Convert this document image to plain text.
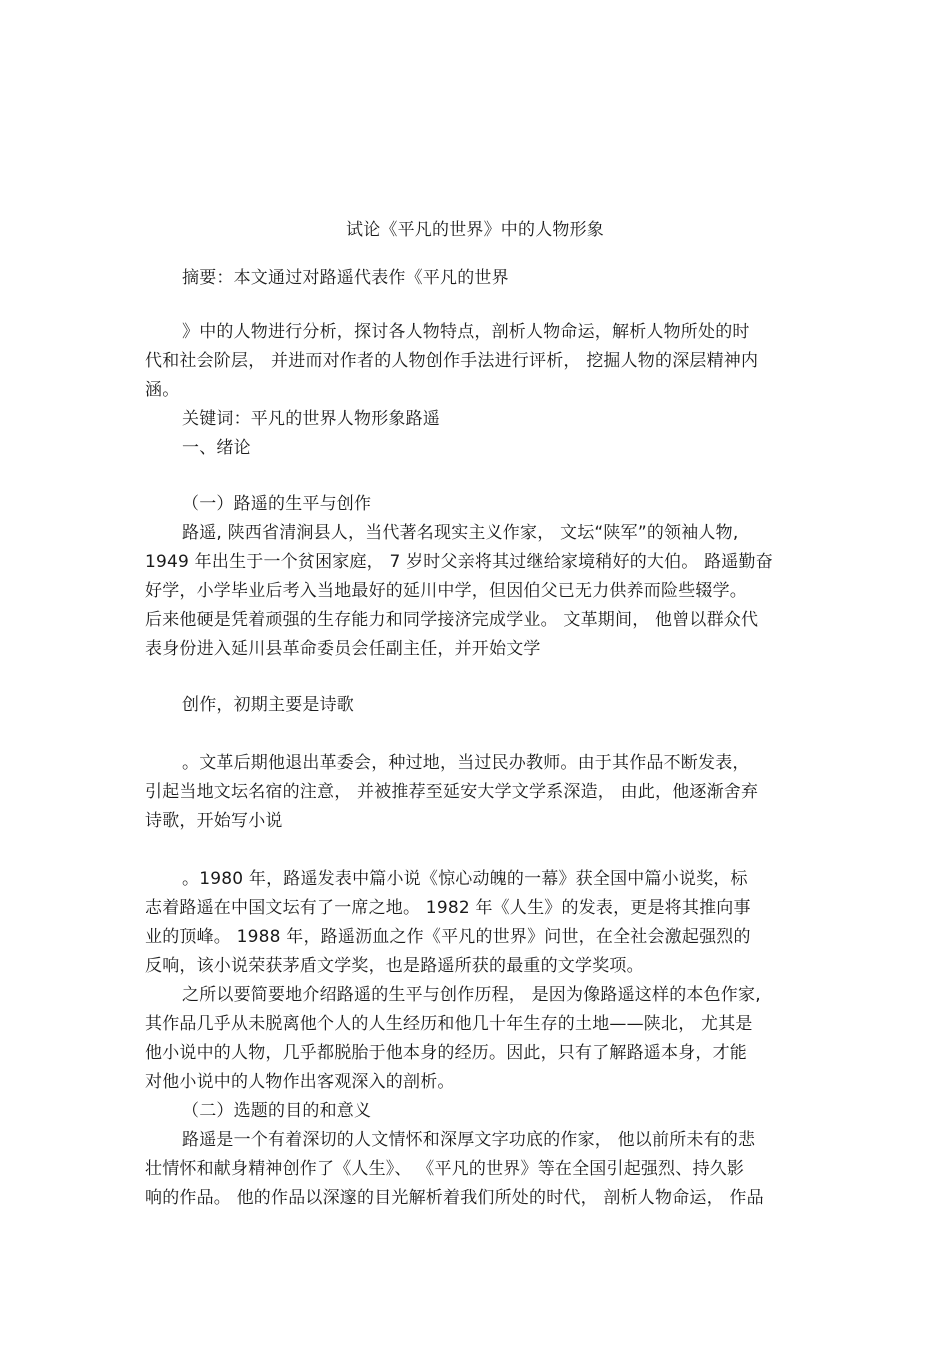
试论《平凡的世界》中的人物形象
摘要：本文通过对路遥代表作《平凡的世界
》中的人物进行分析，探讨各人物特点，剖析人物命运，解析人物所处的时
代和社会阶层， 并进而对作者的人物创作手法进行评析， 挖掘人物的深层精神内
涵。
关键词：平凡的世界人物形象路遥
一、绪论
（一）路遥的生平与创作
路遥, 陕西省清涧县人，当代著名现实主义作家， 文坛“陕军”的领袖人物,
1949 年出生于一个贫困家庭， 7 岁时父亲将其过继给家境稍好的大伯。 路遥勤奋
好学，小学毕业后考入当地最好的延川中学，但因伯父已无力供养而险些辍学。
后来他硬是凭着顽强的生存能力和同学接济完成学业。 文革期间， 他曾以群众代
表身份进入延川县革命委员会任副主任，并开始文学
创作，初期主要是诗歌
。文革后期他退出革委会，种过地，当过民办教师。由于其作品不断发表，
引起当地文坛名宿的注意， 并被推荐至延安大学文学系深造， 由此，他逐渐舍弃
诗歌，开始写小说
。1980 年，路遥发表中篇小说《惊心动魄的一幕》获全国中篇小说奖，标
志着路遥在中国文坛有了一席之地。 1982 年《人生》的发表，更是将其推向事
业的顶峰。 1988 年，路遥沥血之作《平凡的世界》问世，在全社会激起强烈的
反响，该小说荣获茅盾文学奖，也是路遥所获的最重的文学奖项。
之所以要简要地介绍路遥的生平与创作历程， 是因为像路遥这样的本色作家,
其作品几乎从未脱离他个人的人生经历和他几十年生存的土地——陕北， 尤其是
他小说中的人物，几乎都脱胎于他本身的经历。因此，只有了解路遥本身，才能
对他小说中的人物作出客观深入的剖析。
（二）选题的目的和意义
路遥是一个有着深切的人文情怀和深厚文字功底的作家， 他以前所未有的悲
壮情怀和献身精神创作了《人生》、 《平凡的世界》等在全国引起强烈、持久影
响的作品。 他的作品以深邃的目光解析着我们所处的时代， 剖析人物命运， 作品
